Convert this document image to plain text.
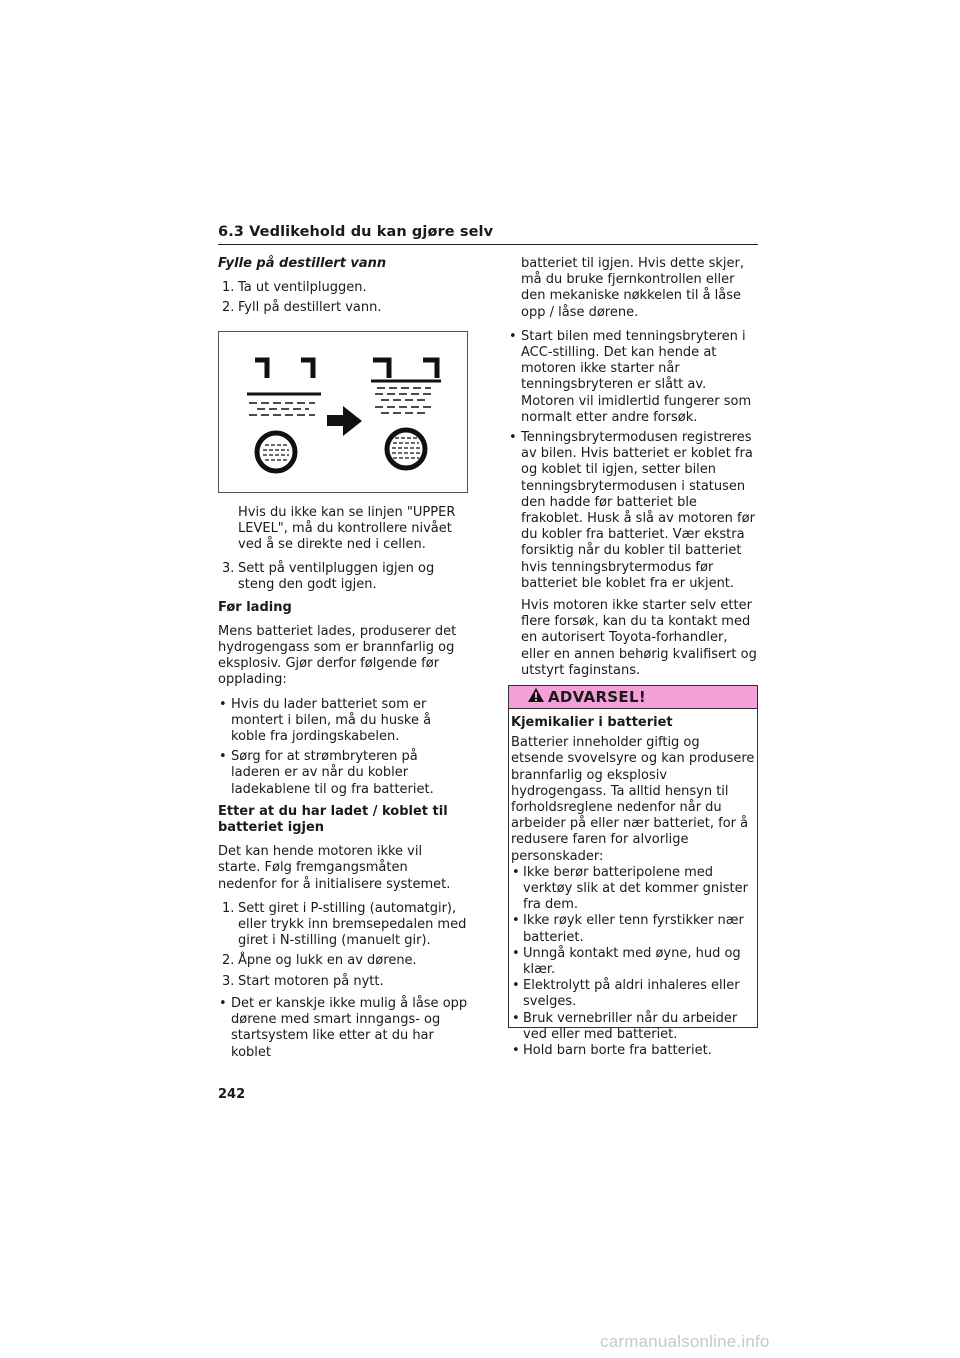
6.3 Vedlikehold du kan gjøre selv

Fylle på destillert vann

1. Ta ut ventilpluggen.
2. Fyll på destillert vann.

Hvis du ikke kan se linjen "UPPER LEVEL", må du kontrollere nivået ved å se direkte ned i cellen.

3. Sett på ventilpluggen igjen og steng den godt igjen.

Før lading

Mens batteriet lades, produserer det hydrogengass som er brannfarlig og eksplosiv. Gjør derfor følgende før opplading:

• Hvis du lader batteriet som er montert i bilen, må du huske å koble fra jordingskabelen.
• Sørg for at strømbryteren på laderen er av når du kobler ladekablene til og fra batteriet.

Etter at du har ladet / koblet til batteriet igjen

Det kan hende motoren ikke vil starte. Følg fremgangsmåten nedenfor for å initialisere systemet.

1. Sett giret i P-stilling (automatgir), eller trykk inn bremsepedalen med giret i N-stilling (manuelt gir).
2. Åpne og lukk en av dørene.
3. Start motoren på nytt.
• Det er kanskje ikke mulig å låse opp dørene med smart inngangs- og startsystem like etter at du har koblet

batteriet til igjen. Hvis dette skjer, må du bruke fjernkontrollen eller den mekaniske nøkkelen til å låse opp / låse dørene.

• Start bilen med tenningsbryteren i ACC-stilling. Det kan hende at motoren ikke starter når tenningsbryteren er slått av. Motoren vil imidlertid fungerer som normalt etter andre forsøk.
• Tenningsbrytermodusen registreres av bilen. Hvis batteriet er koblet fra og koblet til igjen, setter bilen tenningsbrytermodusen i statusen den hadde før batteriet ble frakoblet. Husk å slå av motoren før du kobler fra batteriet. Vær ekstra forsiktig når du kobler til batteriet hvis tenningsbrytermodus før batteriet ble koblet fra er ukjent.

Hvis motoren ikke starter selv etter flere forsøk, kan du ta kontakt med en autorisert Toyota-forhandler, eller en annen behørig kvalifisert og utstyrt faginstans.

ADVARSEL!

Kjemikalier i batteriet

Batterier inneholder giftig og etsende svovelsyre og kan produsere brannfarlig og eksplosiv hydrogengass. Ta alltid hensyn til forholdsreglene nedenfor når du arbeider på eller nær batteriet, for å redusere faren for alvorlige personskader:

• Ikke berør batteripolene med verktøy slik at det kommer gnister fra dem.
• Ikke røyk eller tenn fyrstikker nær batteriet.
• Unngå kontakt med øyne, hud og klær.
• Elektrolytt på aldri inhaleres eller svelges.
• Bruk vernebriller når du arbeider ved eller med batteriet.
• Hold barn borte fra batteriet.
242
carmanualsonline.info
